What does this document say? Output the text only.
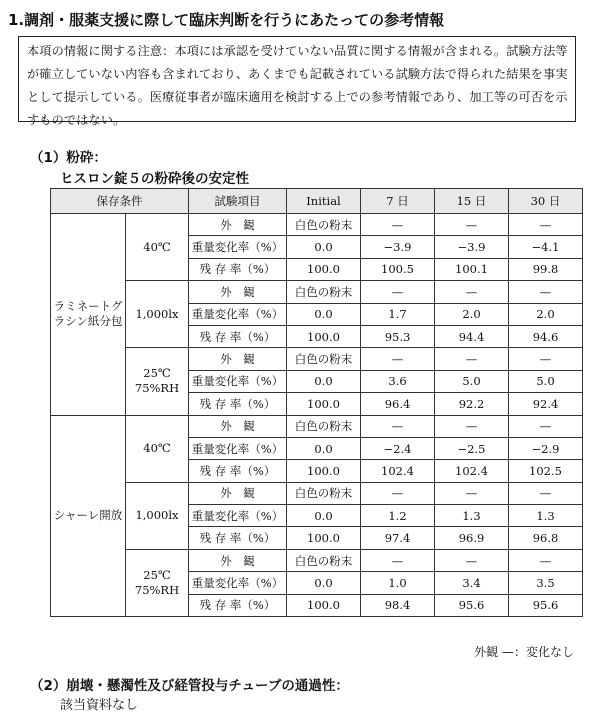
1.調剤・服薬支援に際して臨床判断を行うにあたっての参考情報
本項の情報に関する注意：本項には承認を受けていない品質に関する情報が含まれる。試験方法等が確立していない内容も含まれており、あくまでも記載されている試験方法で得られた結果を事実として提示している。医療従事者が臨床適用を検討する上での参考情報であり、加工等の可否を示すものではない。
（1）粉砕：
ヒスロン錠５の粉砕後の安定性
保存条件		試験項目	Initial	7 日	15 日	30 日
ラミネートグラシン紙分包	40℃	外　観	白色の粉末	—	—	—
		重量変化率（%）	0.0	−3.9	−3.9	−4.1
		残 存 率（%）	100.0	100.5	100.1	99.8
	1,000lx	外　観	白色の粉末	—	—	—
		重量変化率（%）	0.0	1.7	2.0	2.0
		残 存 率（%）	100.0	95.3	94.4	94.6
	25℃ 75%RH	外　観	白色の粉末	—	—	—
		重量変化率（%）	0.0	3.6	5.0	5.0
		残 存 率（%）	100.0	96.4	92.2	92.4
シャーレ開放	40℃	外　観	白色の粉末	—	—	—
		重量変化率（%）	0.0	−2.4	−2.5	−2.9
		残 存 率（%）	100.0	102.4	102.4	102.5
	1,000lx	外　観	白色の粉末	—	—	—
		重量変化率（%）	0.0	1.2	1.3	1.3
		残 存 率（%）	100.0	97.4	96.9	96.8
	25℃ 75%RH	外　観	白色の粉末	—	—	—
		重量変化率（%）	0.0	1.0	3.4	3.5
		残 存 率（%）	100.0	98.4	95.6	95.6
外観 —：変化なし
（2）崩壊・懸濁性及び経管投与チューブの通過性：
該当資料なし
